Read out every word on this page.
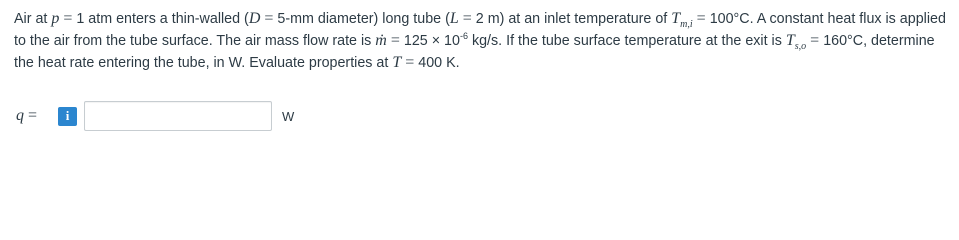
Air at p = 1 atm enters a thin-walled (D = 5-mm diameter) long tube (L = 2 m) at an inlet temperature of $T_{m,i} = 100^\circ C$. A constant heat flux is applied to the air from the tube surface. The air mass flow rate is ṁ = $125 \times 10^{-6}$ kg/s. If the tube surface temperature at the exit is $T_{s,o} = 160^\circ C$, determine the heat rate entering the tube, in W. Evaluate properties at T = 400 K.
q =	i	W
